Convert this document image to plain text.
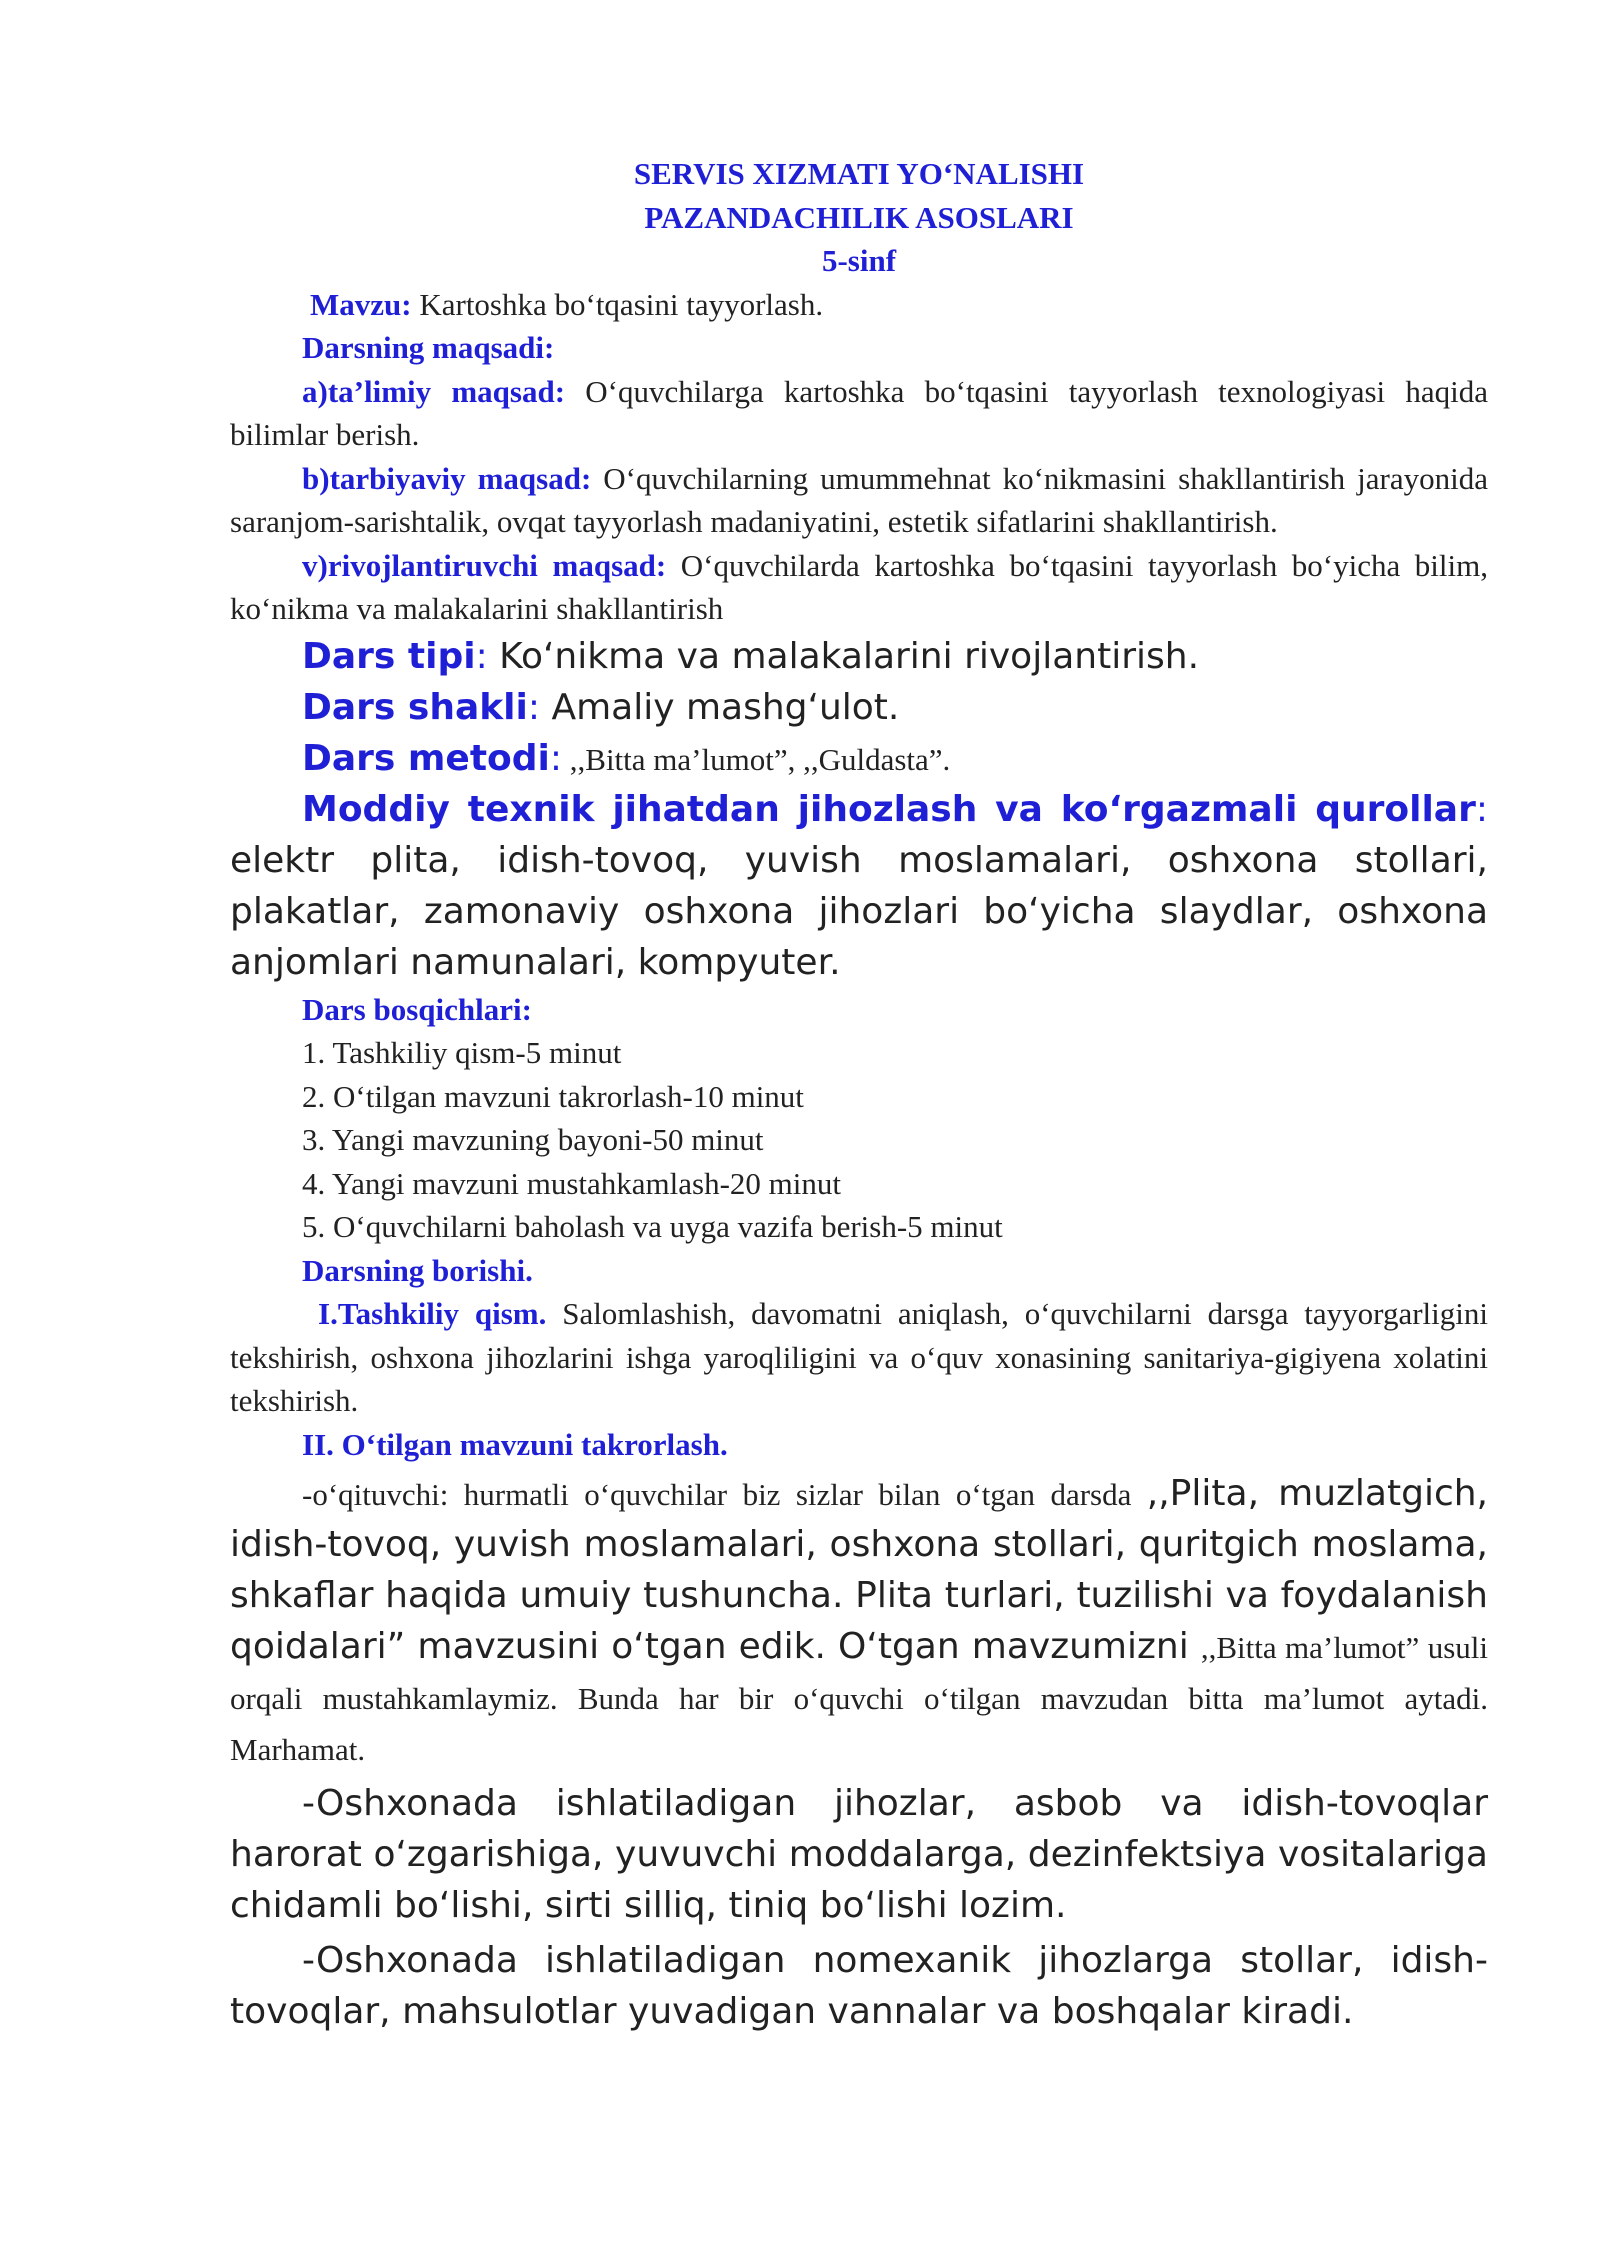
SERVIS XIZMATI YO‘NALISHI

PAZANDACHILIK ASOSLARI

5-sinf

Mavzu: Kartoshka bo‘tqasini tayyorlash.

Darsning maqsadi:

a)ta’limiy maqsad: O‘quvchilarga kartoshka bo‘tqasini tayyorlash texnologiyasi haqida bilimlar berish.

b)tarbiyaviy maqsad: O‘quvchilarning umummehnat ko‘nikmasini shakllantirish jarayonida saranjom-sarishtalik, ovqat tayyorlash madaniyatini, estetik sifatlarini shakllantirish.

v)rivojlantiruvchi maqsad: O‘quvchilarda kartoshka bo‘tqasini tayyorlash bo‘yicha bilim, ko‘nikma va malakalarini shakllantirish

Dars tipi: Ko‘nikma va malakalarini rivojlantirish.

Dars shakli: Amaliy mashg‘ulot.

Dars metodi: ,,Bitta ma’lumot”, ,,Guldasta”.

Moddiy texnik jihatdan jihozlash va ko‘rgazmali qurollar: elektr plita, idish-tovoq, yuvish moslamalari, oshxona stollari, plakatlar, zamonaviy oshxona jihozlari bo‘yicha slaydlar, oshxona anjomlari namunalari, kompyuter.

Dars bosqichlari:

1. Tashkiliy qism-5 minut

2. O‘tilgan mavzuni takrorlash-10 minut

3. Yangi mavzuning bayoni-50 minut

4. Yangi mavzuni mustahkamlash-20 minut

5. O‘quvchilarni baholash va uyga vazifa berish-5 minut

Darsning borishi.

I.Tashkiliy qism. Salomlashish, davomatni aniqlash, o‘quvchilarni darsga tayyorgarligini tekshirish, oshxona jihozlarini ishga yaroqliligini va o‘quv xonasining sanitariya-gigiyena xolatini tekshirish.

II. O‘tilgan mavzuni takrorlash.

-o‘qituvchi: hurmatli o‘quvchilar biz sizlar bilan o‘tgan darsda ,,Plita, muzlatgich, idish-tovoq, yuvish moslamalari, oshxona stollari, quritgich moslama, shkaflar haqida umuiy tushuncha. Plita turlari, tuzilishi va foydalanish qoidalari” mavzusini o‘tgan edik. O‘tgan mavzumizni ,,Bitta ma’lumot” usuli orqali mustahkamlaymiz. Bunda har bir o‘quvchi o‘tilgan mavzudan bitta ma’lumot aytadi. Marhamat.

-Oshxonada ishlatiladigan jihozlar, asbob va idish-tovoqlar harorat o‘zgarishiga, yuvuvchi moddalarga, dezinfektsiya vositalariga chidamli bo‘lishi, sirti silliq, tiniq bo‘lishi lozim.

-Oshxonada ishlatiladigan nomexanik jihozlarga stollar, idish-tovoqlar, mahsulotlar yuvadigan vannalar va boshqalar kiradi.
